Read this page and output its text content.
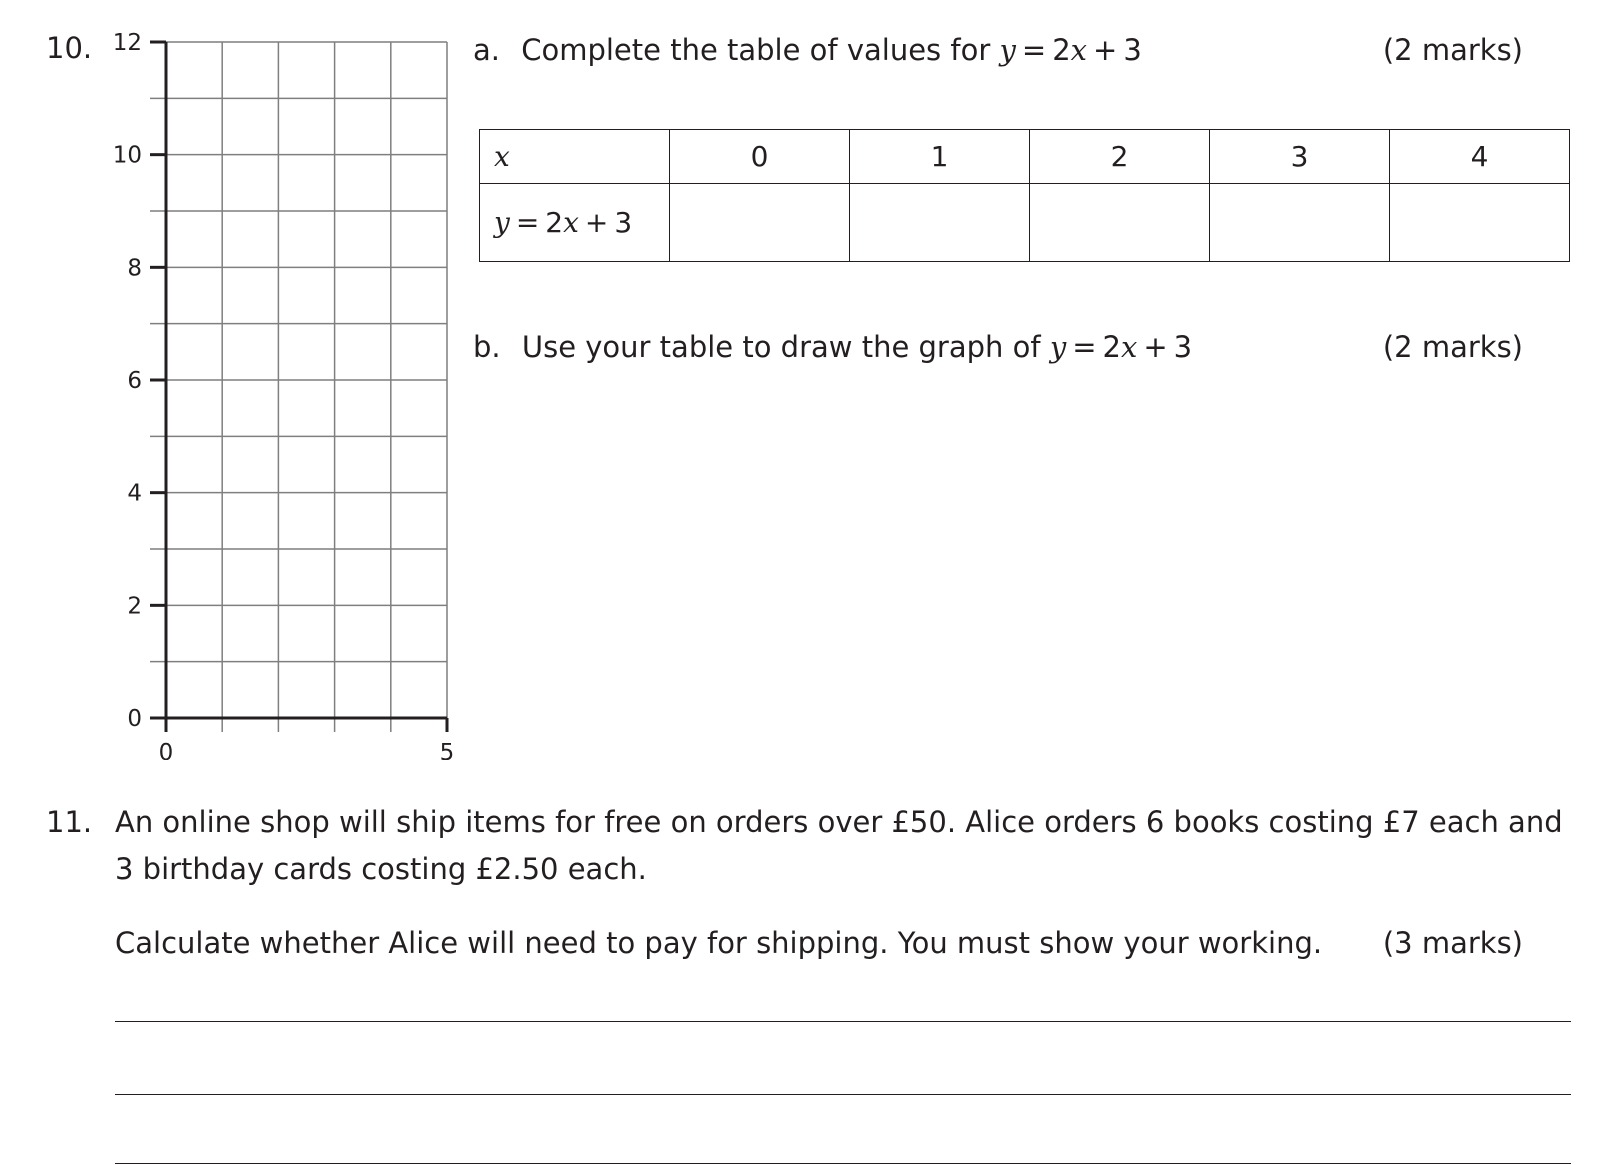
10.
0
2
4
6
8
10
12
0	5
a. Complete the table of values for y = 2x + 3	(2 marks)
x	0	1	2	3	4
y = 2x + 3					
b. Use your table to draw the graph of y = 2x + 3	(2 marks)
11. An online shop will ship items for free on orders over £50. Alice orders 6 books costing £7 each and
3 birthday cards costing £2.50 each.
Calculate whether Alice will need to pay for shipping. You must show your working. (3 marks)
